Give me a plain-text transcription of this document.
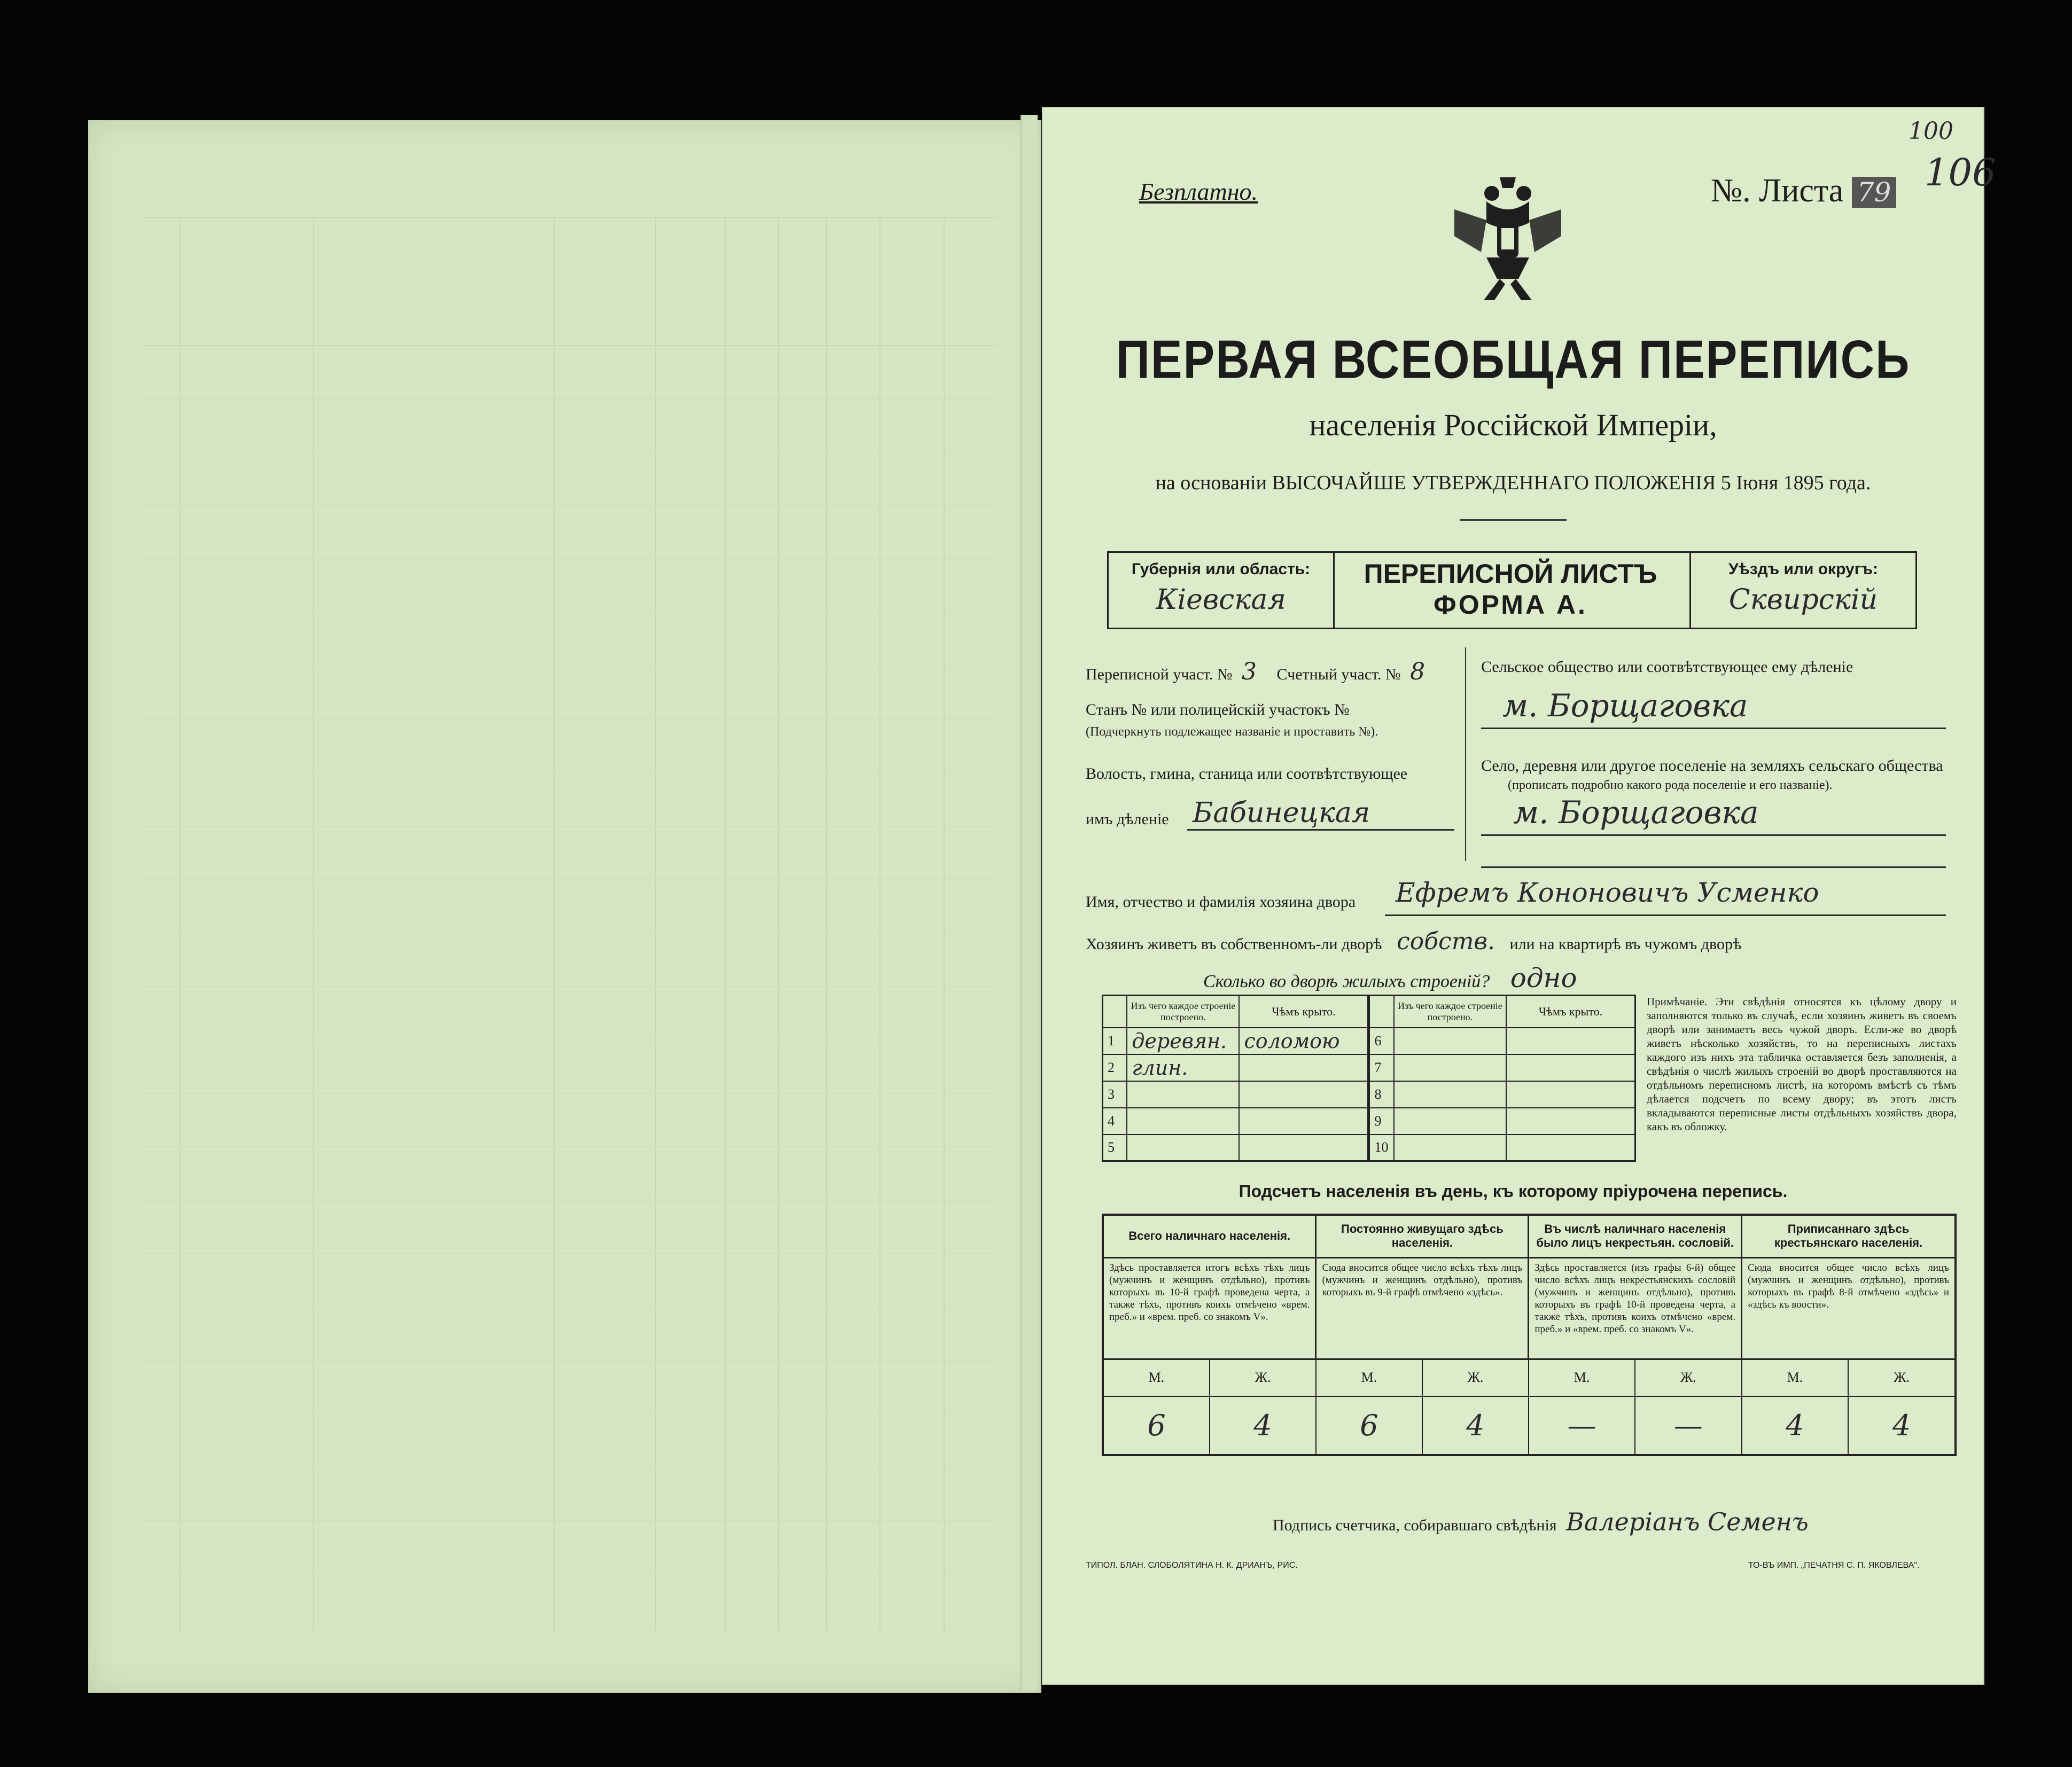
100
106
Безплатно.	№. Листа 79
ПЕРВАЯ ВСЕОБЩАЯ ПЕРЕПИСЬ
населенія Россійской Имперіи,
на основаніи ВЫСОЧАЙШЕ УТВЕРЖДЕННАГО ПОЛОЖЕНІЯ 5 Іюня 1895 года.
Губернія или область:
Кіевская
ПЕРЕПИСНОЙ ЛИСТЪ
ФОРМА А.
Уѣздъ или округъ:
Сквирскій
Переписной участ. № 3 Счетный участ. № 8
Станъ № или полицейскій участокъ №
(Подчеркнуть подлежащее названіе и проставить №).
Волость, гмина, станица или соотвѣтствующее
имъ дѣленіе Бабинецкая
Сельское общество или соотвѣтствующее ему дѣленіе
м. Борщаговка
Село, деревня или другое поселеніе на земляхъ сельскаго общества
(прописать подробно какого рода поселеніе и его названіе).
м. Борщаговка
Имя, отчество и фамилія хозяина двора Ефремъ Кононовичъ Усменко
Хозяинъ живетъ въ собственномъ-ли дворѣ собств. или на квартирѣ въ чужомъ дворѣ
Сколько во дворѣ жилыхъ строеній? одно
	Изъ чего каждое строеніе построено.	Чѣмъ крыто.		Изъ чего каждое строеніе построено.	Чѣмъ крыто.
1	деревян.	соломою	6		
2	глин.		7		
3			8		
4			9		
5			10		
Примѣчаніе. Эти свѣдѣнія относятся къ цѣлому двору и заполняются только въ случаѣ, если хозяинъ живетъ въ своемъ дворѣ или занимаетъ весь чужой дворъ. Если-же во дворѣ живетъ нѣсколько хозяйствъ, то на переписныхъ листахъ каждого изъ нихъ эта табличка оставляется безъ заполненія, а свѣдѣнія о числѣ жилыхъ строеній во дворѣ проставляются на отдѣльномъ переписномъ листѣ, на которомъ вмѣстѣ съ тѣмъ дѣлается подсчетъ по всему двору; въ этотъ листъ вкладываются переписные листы отдѣльныхъ хозяйствъ двора, какъ въ обложку.
Подсчетъ населенія въ день, къ которому пріурочена перепись.
Всего наличнаго населенія.		Постоянно живущаго здѣсь населенія.		Въ числѣ наличнаго населенія было лицъ некрестьян. сословій.		Приписаннаго здѣсь крестьянскаго населенія.	
Здѣсь проставляется итогъ всѣхъ тѣхъ лицъ (мужчинъ и женщинъ отдѣльно), противъ которыхъ въ 10-й графѣ проведена черта, а также тѣхъ, противъ коихъ отмѣчено «врем. преб.» и «врем. преб. со знакомъ V».		Сюда вносится общее число всѣхъ тѣхъ лицъ (мужчинъ и женщинъ отдѣльно), противъ которыхъ въ 9-й графѣ отмѣчено «здѣсь».		Здѣсь проставляется (изъ графы 6-й) общее число всѣхъ лицъ некрестьянскихъ сословій (мужчинъ и женщинъ отдѣльно), противъ которыхъ въ графѣ 10-й проведена черта, а также тѣхъ, противъ коихъ отмѣчено «врем. преб.» и «врем. преб. со знакомъ V».		Сюда вносится общее число всѣхъ лицъ (мужчинъ и женщинъ отдѣльно), противъ которыхъ въ графѣ 8-й отмѣчено «здѣсь» и «здѣсь къ воости».	
М.	Ж.	М.	Ж.	М.	Ж.	М.	Ж.
6	4	6	4	—	—	4	4
Подпись счетчика, собиравшаго свѣдѣнія Валеріанъ Семенъ
ТИПОЛ. БЛАН. СЛОБОЛЯТИНА Н. К. ДРИАНЪ, РИС.	ТО-ВЪ ИМП. „ПЕЧАТНЯ С. П. ЯКОВЛЕВА".
